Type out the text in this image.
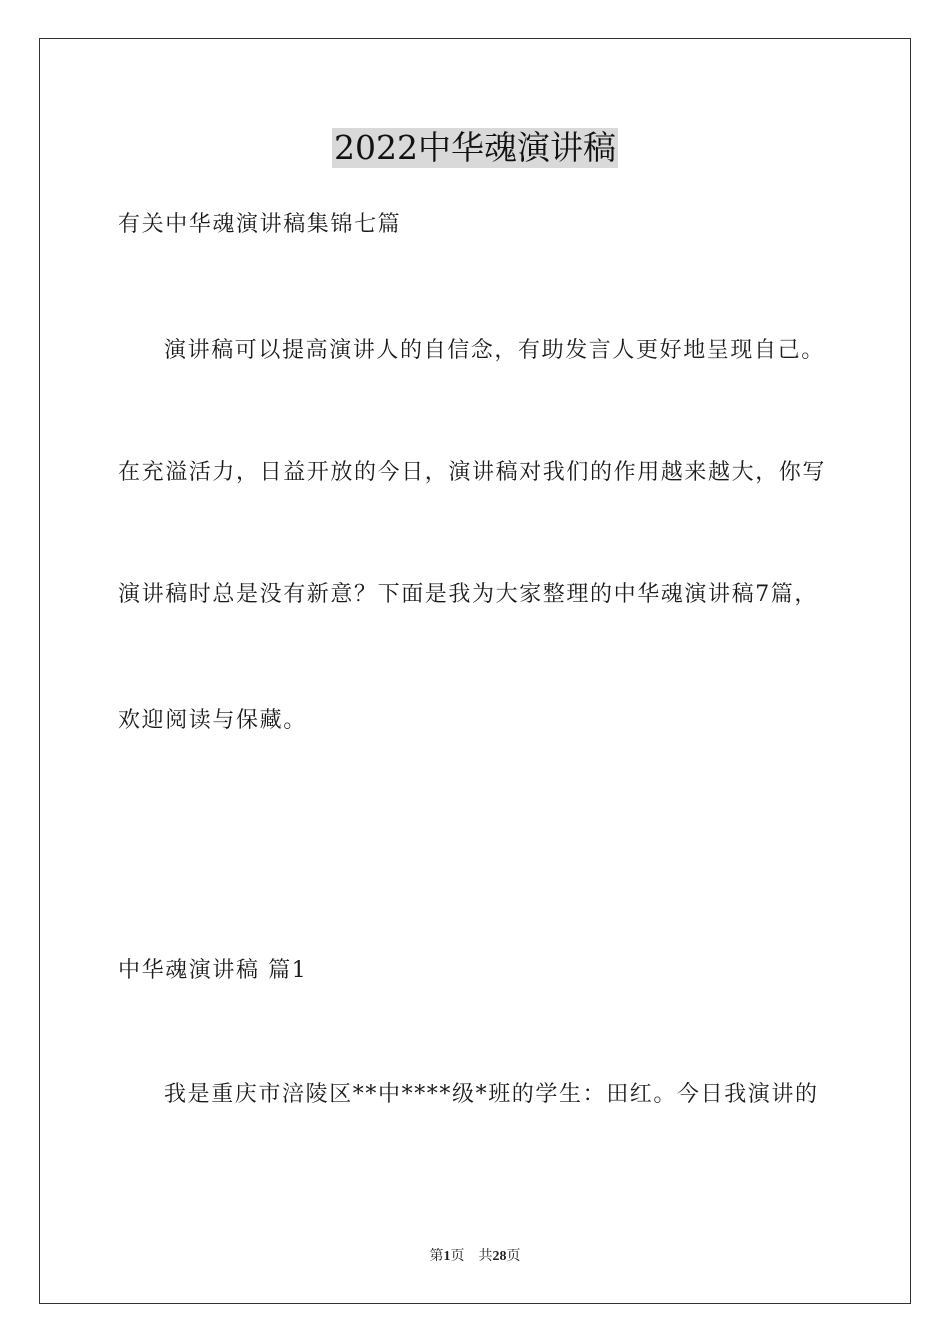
2022中华魂演讲稿
有关中华魂演讲稿集锦七篇
演讲稿可以提高演讲人的自信念，有助发言人更好地呈现自己。
在充溢活力，日益开放的今日，演讲稿对我们的作用越来越大，你写
演讲稿时总是没有新意？下面是我为大家整理的中华魂演讲稿7篇，
欢迎阅读与保藏。
中华魂演讲稿 篇1
我是重庆市涪陵区**中****级*班的学生：田红。今日我演讲的
第1页 共28页
